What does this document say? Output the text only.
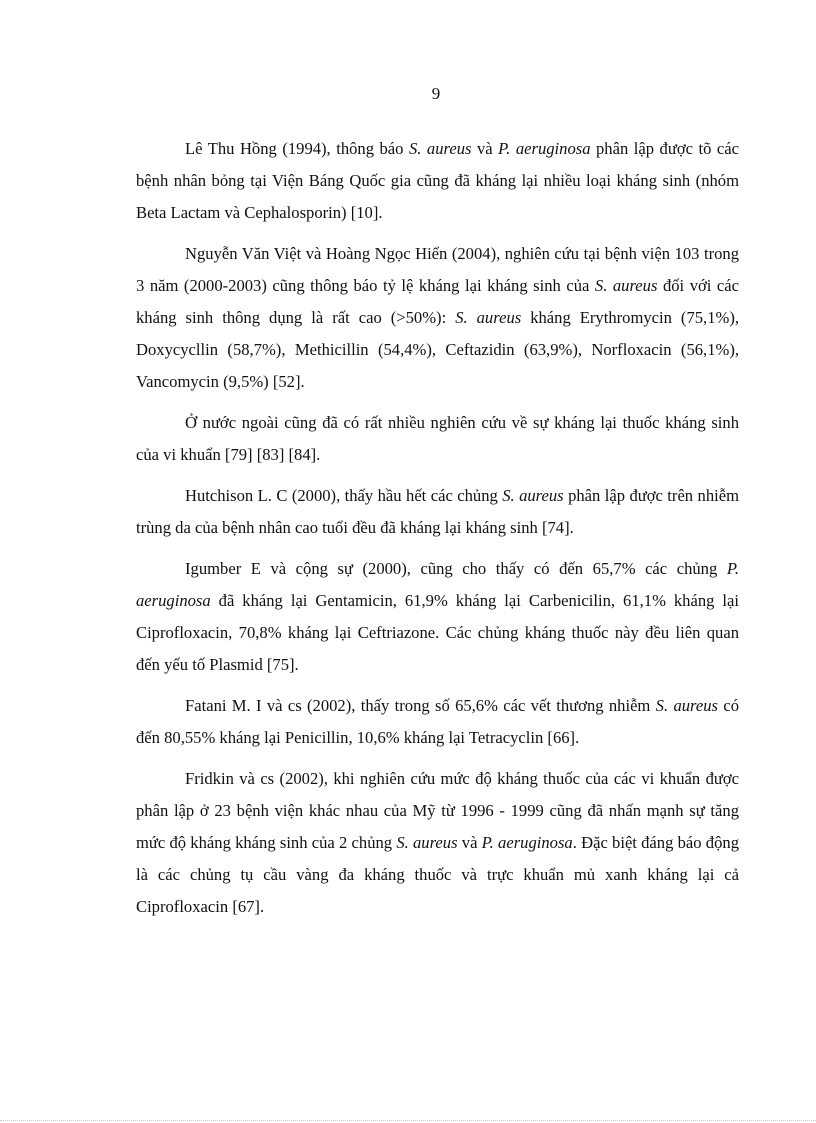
9

Lê Thu Hồng (1994), thông báo S. aureus và P. aeruginosa phân lập được tõ các bệnh nhân bỏng tại Viện Báng Quốc gia cũng đã kháng lại nhiều loại kháng sinh (nhóm Beta Lactam và Cephalosporin) [10].

Nguyễn Văn Việt và Hoàng Ngọc Hiển (2004), nghiên cứu tại bệnh viện 103 trong 3 năm (2000-2003) cũng thông báo tỷ lệ kháng lại kháng sinh của S. aureus đối với các kháng sinh thông dụng là rất cao (>50%): S. aureus kháng Erythromycin (75,1%), Doxycycllin (58,7%), Methicillin (54,4%), Ceftazidin (63,9%), Norfloxacin (56,1%), Vancomycin (9,5%) [52].

Ở nước ngoài cũng đã có rất nhiều nghiên cứu về sự kháng lại thuốc kháng sinh của vi khuẩn [79] [83] [84].

Hutchison L. C (2000), thấy hầu hết các chủng S. aureus phân lập được trên nhiễm trùng da của bệnh nhân cao tuổi đều đã kháng lại kháng sinh [74].

Igumber E và cộng sự (2000), cũng cho thấy có đến 65,7% các chủng P. aeruginosa đã kháng lại Gentamicin, 61,9% kháng lại Carbenicilin, 61,1% kháng lại Ciprofloxacin, 70,8% kháng lại Ceftriazone. Các chủng kháng thuốc này đều liên quan đến yếu tố Plasmid [75].

Fatani M. I và cs (2002), thấy trong số 65,6% các vết thương nhiễm S. aureus có đến 80,55% kháng lại Penicillin, 10,6% kháng lại Tetracyclin [66].

Fridkin và cs (2002), khi nghiên cứu mức độ kháng thuốc của các vi khuẩn được phân lập ở 23 bệnh viện khác nhau của Mỹ từ 1996 - 1999 cũng đã nhấn mạnh sự tăng mức độ kháng kháng sinh của 2 chủng S. aureus và P. aeruginosa. Đặc biệt đáng báo động là các chủng tụ cầu vàng đa kháng thuốc và trực khuẩn mủ xanh kháng lại cả Ciprofloxacin [67].
